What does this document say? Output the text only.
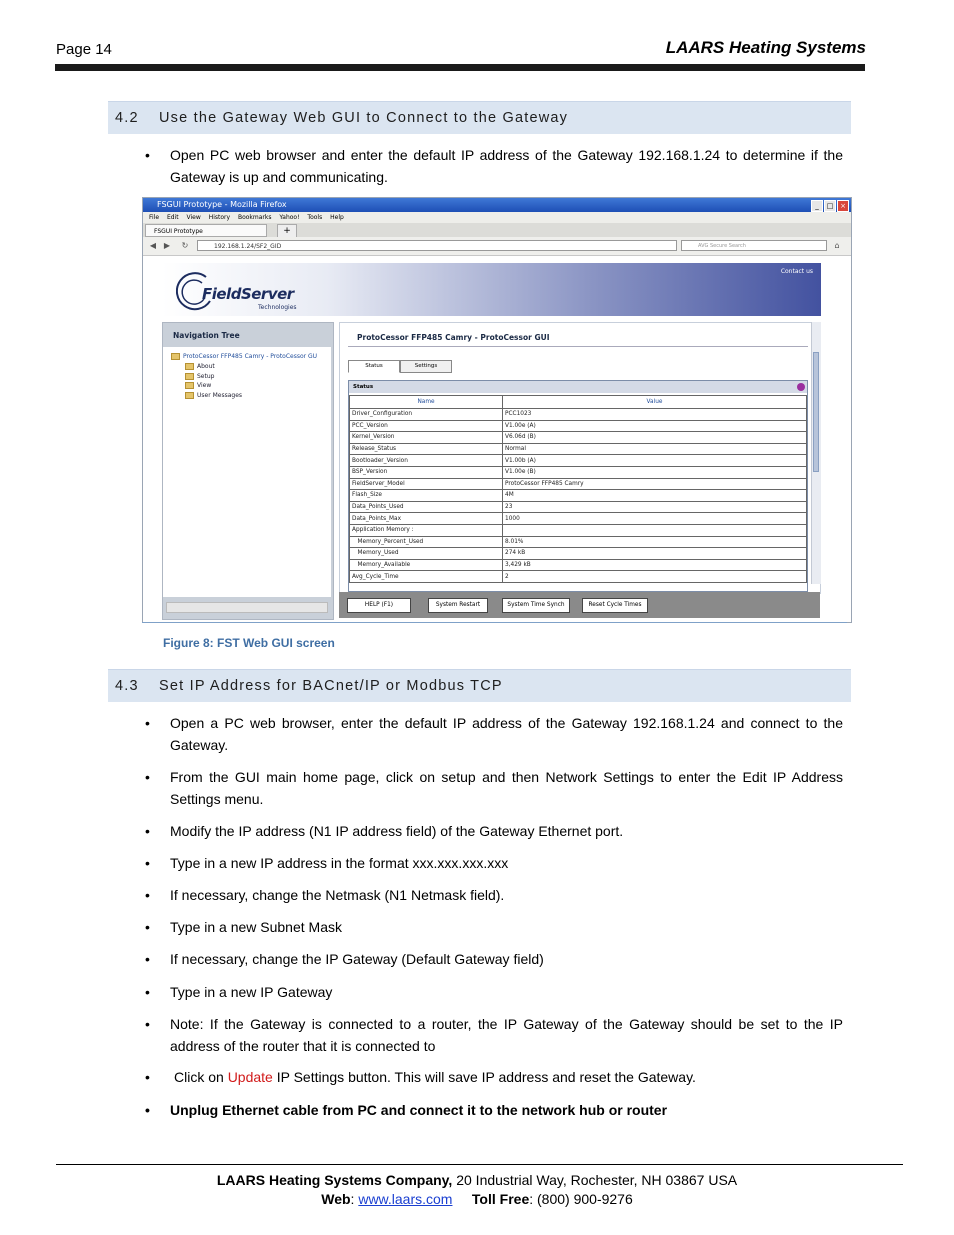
Page 14	LAARS Heating Systems
4.2 Use the Gateway Web GUI to Connect to the Gateway
• Open PC web browser and enter the default IP address of the Gateway 192.168.1.24 to determine if the Gateway is up and communicating.
FSGUI Prototype - Mozilla Firefox	_	□ ×
File Edit View History Bookmarks Yahoo! Tools Help
FSGUI Prototype	+
◀ ▶	↻	192.168.1.24/SF2_GID	AVG Secure Search	⌂
FieldServer
Technologies
Contact us
Navigation Tree
ProtoCessor FFP485 Camry - ProtoCessor GU
About
Setup
View
User Messages
ProtoCessor FFP485 Camry - ProtoCessor GUI
Status	Settings
Status
Name	Value
Driver_Configuration	PCC1023
PCC_Version	V1.00e (A)
Kernel_Version	V6.06d (B)
Release_Status	Normal
Bootloader_Version	V1.00b (A)
BSP_Version	V1.00e (B)
FieldServer_Model	ProtoCessor FFP485 Camry
Flash_Size	4M
Data_Points_Used	23
Data_Points_Max	1000
Application Memory :	
Memory_Percent_Used	8.01%
Memory_Used	274 kB
Memory_Available	3,429 kB
Avg_Cycle_Time	2
HELP (F1)	System Restart	System Time Synch	Reset Cycle Times
Figure 8: FST Web GUI screen
4.3 Set IP Address for BACnet/IP or Modbus TCP
• Open a PC web browser, enter the default IP address of the Gateway 192.168.1.24 and connect to the Gateway.
• From the GUI main home page, click on setup and then Network Settings to enter the Edit IP Address Settings menu.
• Modify the IP address (N1 IP address field) of the Gateway Ethernet port.
• Type in a new IP address in the format xxx.xxx.xxx.xxx
• If necessary, change the Netmask (N1 Netmask field).
• Type in a new Subnet Mask
• If necessary, change the IP Gateway (Default Gateway field)
• Type in a new IP Gateway
• Note: If the Gateway is connected to a router, the IP Gateway of the Gateway should be set to the IP address of the router that it is connected to
• Click on Update IP Settings button. This will save IP address and reset the Gateway.
• Unplug Ethernet cable from PC and connect it to the network hub or router
LAARS Heating Systems Company, 20 Industrial Way, Rochester, NH 03867 USA
Web: www.laars.com Toll Free: (800) 900-9276
